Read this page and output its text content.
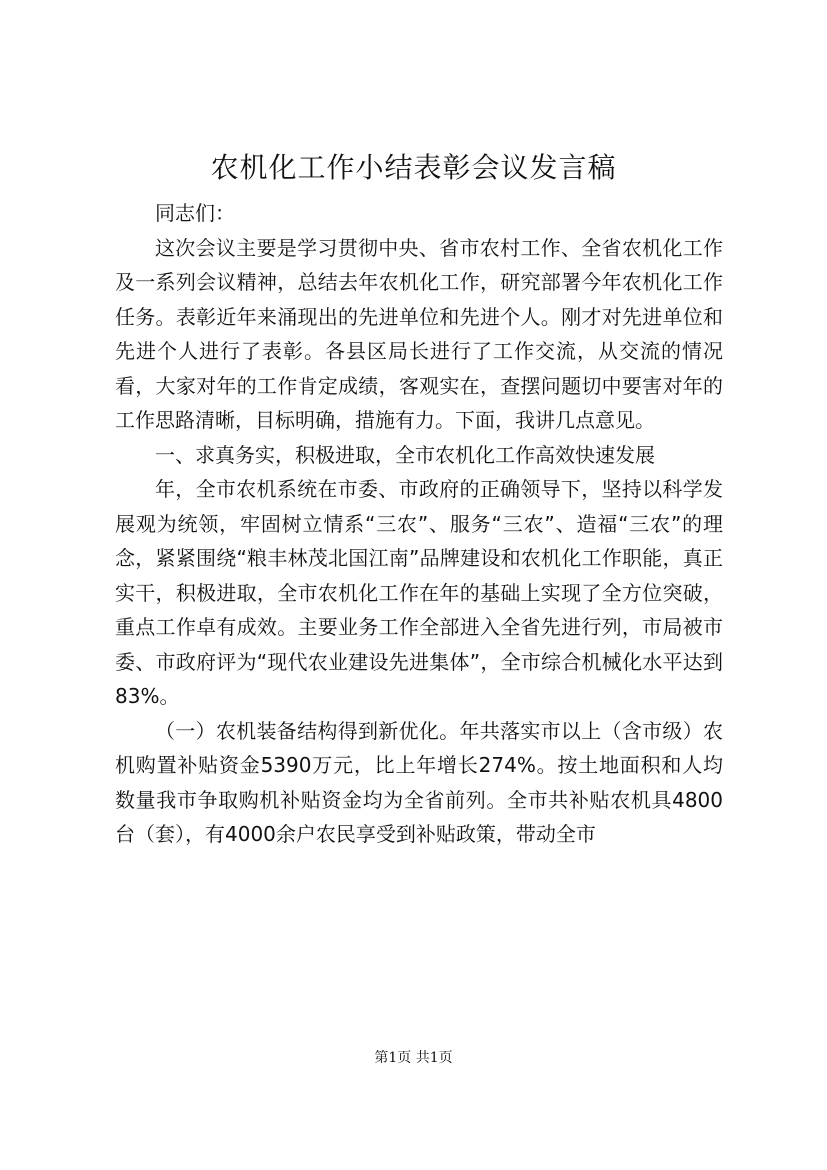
农机化工作小结表彰会议发言稿

同志们：

这次会议主要是学习贯彻中央、省市农村工作、全省农机化工作及一系列会议精神，总结去年农机化工作，研究部署今年农机化工作任务。表彰近年来涌现出的先进单位和先进个人。刚才对先进单位和先进个人进行了表彰。各县区局长进行了工作交流，从交流的情况看，大家对年的工作肯定成绩，客观实在，查摆问题切中要害对年的工作思路清晰，目标明确，措施有力。下面，我讲几点意见。

一、求真务实，积极进取，全市农机化工作高效快速发展

年，全市农机系统在市委、市政府的正确领导下，坚持以科学发展观为统领，牢固树立情系“三农”、服务“三农”、造福“三农”的理念，紧紧围绕“粮丰林茂北国江南”品牌建设和农机化工作职能，真正实干，积极进取，全市农机化工作在年的基础上实现了全方位突破，重点工作卓有成效。主要业务工作全部进入全省先进行列，市局被市委、市政府评为“现代农业建设先进集体”，全市综合机械化水平达到83%。

（一）农机装备结构得到新优化。年共落实市以上（含市级）农机购置补贴资金5390万元，比上年增长274%。按土地面积和人均数量我市争取购机补贴资金均为全省前列。全市共补贴农机具4800台（套），有4000余户农民享受到补贴政策，带动全市

第1页 共1页
